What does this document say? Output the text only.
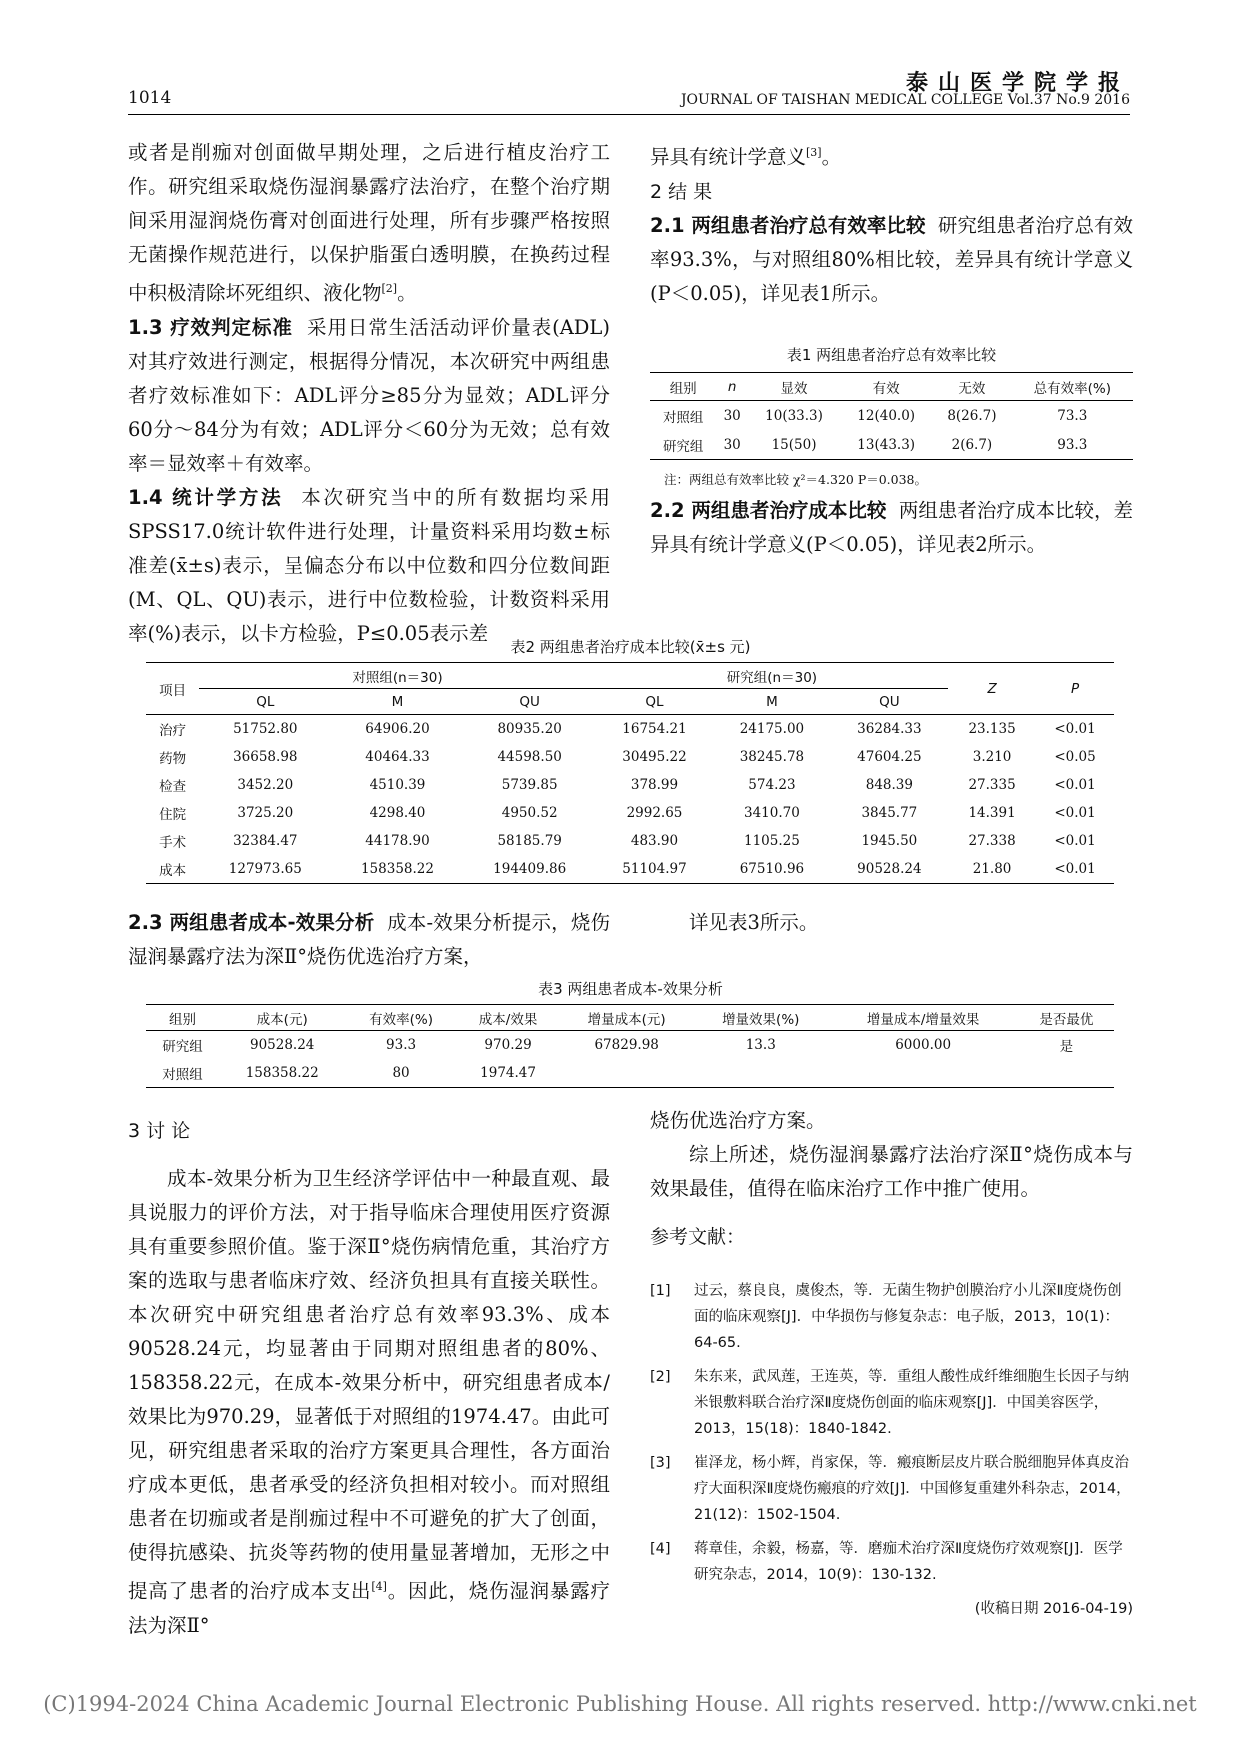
1014
泰山医学院学报
JOURNAL OF TAISHAN MEDICAL COLLEGE Vol.37 No.9 2016

或者是削痂对创面做早期处理，之后进行植皮治疗工作。研究组采取烧伤湿润暴露疗法治疗，在整个治疗期间采用湿润烧伤膏对创面进行处理，所有步骤严格按照无菌操作规范进行，以保护脂蛋白透明膜，在换药过程中积极清除坏死组织、液化物[2]。

1.3 疗效判定标准 采用日常生活活动评价量表(ADL)对其疗效进行测定，根据得分情况，本次研究中两组患者疗效标准如下：ADL评分≥85分为显效；ADL评分60分～84分为有效；ADL评分＜60分为无效；总有效率＝显效率＋有效率。

1.4 统计学方法 本次研究当中的所有数据均采用SPSS17.0统计软件进行处理，计量资料采用均数±标准差(x̄±s)表示，呈偏态分布以中位数和四分位数间距(M、QL、QU)表示，进行中位数检验，计数资料采用率(%)表示，以卡方检验，P≤0.05表示差

异具有统计学意义[3]。

2 结 果

2.1 两组患者治疗总有效率比较 研究组患者治疗总有效率93.3%，与对照组80%相比较，差异具有统计学意义(P＜0.05)，详见表1所示。

表1 两组患者治疗总有效率比较
组别	n	显效	有效	无效	总有效率(%)
对照组	30	10(33.3)	12(40.0)	8(26.7)	73.3
研究组	30	15(50)	13(43.3)	2(6.7)	93.3
注：两组总有效率比较 χ²＝4.320 P＝0.038。

2.2 两组患者治疗成本比较 两组患者治疗成本比较，差异具有统计学意义(P＜0.05)，详见表2所示。

表2 两组患者治疗成本比较(x̄±s 元)
项目	对照组(n＝30)			研究组(n＝30)			Z	P
	QL	M	QU	QL	M	QU		
治疗	51752.80	64906.20	80935.20	16754.21	24175.00	36284.33	23.135	<0.01
药物	36658.98	40464.33	44598.50	30495.22	38245.78	47604.25	3.210	<0.05
检查	3452.20	4510.39	5739.85	378.99	574.23	848.39	27.335	<0.01
住院	3725.20	4298.40	4950.52	2992.65	3410.70	3845.77	14.391	<0.01
手术	32384.47	44178.90	58185.79	483.90	1105.25	1945.50	27.338	<0.01
成本	127973.65	158358.22	194409.86	51104.97	67510.96	90528.24	21.80	<0.01

2.3 两组患者成本-效果分析 成本-效果分析提示，烧伤湿润暴露疗法为深Ⅱ°烧伤优选治疗方案，

详见表3所示。

表3 两组患者成本-效果分析
组别	成本(元)	有效率(%)	成本/效果	增量成本(元)	增量效果(%)	增量成本/增量效果	是否最优
研究组	90528.24	93.3	970.29	67829.98	13.3	6000.00	是
对照组	158358.22	80	1974.47				

3 讨 论

成本-效果分析为卫生经济学评估中一种最直观、最具说服力的评价方法，对于指导临床合理使用医疗资源具有重要参照价值。鉴于深Ⅱ°烧伤病情危重，其治疗方案的选取与患者临床疗效、经济负担具有直接关联性。本次研究中研究组患者治疗总有效率93.3%、成本90528.24元，均显著由于同期对照组患者的80%、158358.22元，在成本-效果分析中，研究组患者成本/效果比为970.29，显著低于对照组的1974.47。由此可见，研究组患者采取的治疗方案更具合理性，各方面治疗成本更低，患者承受的经济负担相对较小。而对照组患者在切痂或者是削痂过程中不可避免的扩大了创面，使得抗感染、抗炎等药物的使用量显著增加，无形之中提高了患者的治疗成本支出[4]。因此，烧伤湿润暴露疗法为深Ⅱ°

烧伤优选治疗方案。

综上所述，烧伤湿润暴露疗法治疗深Ⅱ°烧伤成本与效果最佳，值得在临床治疗工作中推广使用。

参考文献：

[1]	过云，蔡良良，虞俊杰，等．无菌生物护创膜治疗小儿深Ⅱ度烧伤创面的临床观察[J]．中华损伤与修复杂志：电子版，2013，10(1)：64-65.
[2]	朱东来，武凤莲，王连英，等．重组人酸性成纤维细胞生长因子与纳米银敷料联合治疗深Ⅱ度烧伤创面的临床观察[J]．中国美容医学，2013，15(18)：1840-1842.
[3]	崔泽龙，杨小辉，肖家保，等．瘢痕断层皮片联合脱细胞异体真皮治疗大面积深Ⅱ度烧伤瘢痕的疗效[J]．中国修复重建外科杂志，2014，21(12)：1502-1504.
[4]	蒋章佳，余毅，杨嘉，等．磨痂术治疗深Ⅱ度烧伤疗效观察[J]．医学研究杂志，2014，10(9)：130-132.
(收稿日期 2016-04-19)
(C)1994-2024 China Academic Journal Electronic Publishing House. All rights reserved. http://www.cnki.net
